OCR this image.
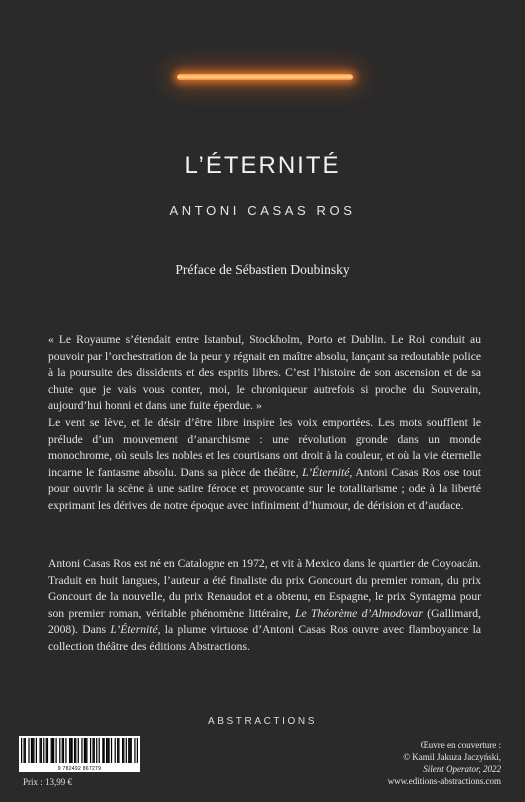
L’ÉTERNITÉ
ANTONI CASAS ROS
Préface de Sébastien Doubinsky

« Le Royaume s’étendait entre Istanbul, Stockholm, Porto et Dublin. Le Roi conduit au pouvoir par l’orchestration de la peur y régnait en maître absolu, lançant sa redoutable police à la poursuite des dissidents et des esprits libres. C’est l’histoire de son ascension et de sa chute que je vais vous conter, moi, le chroniqueur autrefois si proche du Souverain, aujourd’hui honni et dans une fuite éperdue. »

Le vent se lève, et le désir d’être libre inspire les voix emportées. Les mots soufflent le prélude d’un mouvement d’anarchisme : une révolution gronde dans un monde monochrome, où seuls les nobles et les courtisans ont droit à la couleur, et où la vie éternelle incarne le fantasme absolu. Dans sa pièce de théâtre, L’Éternité, Antoni Casas Ros ose tout pour ouvrir la scène à une satire féroce et provocante sur le totalitarisme ; ode à la liberté exprimant les dérives de notre époque avec infiniment d’humour, de dérision et d’audace.

Antoni Casas Ros est né en Catalogne en 1972, et vit à Mexico dans le quartier de Coyoacán. Traduit en huit langues, l’auteur a été finaliste du prix Goncourt du premier roman, du prix Goncourt de la nouvelle, du prix Renaudot et a obtenu, en Espagne, le prix Syntagma pour son premier roman, véritable phénomène littéraire, Le Théorème d’Almodovar (Gallimard, 2008). Dans L’Éternité, la plume virtuose d’Antoni Casas Ros ouvre avec flamboyance la collection théâtre des éditions Abstractions.

ABSTRACTIONS
9 782492 867279
Prix : 13,99 €
Œuvre en couverture :
© Kamil Jakuza Jaczyński,
Silent Operator, 2022
www.editions-abstractions.com
